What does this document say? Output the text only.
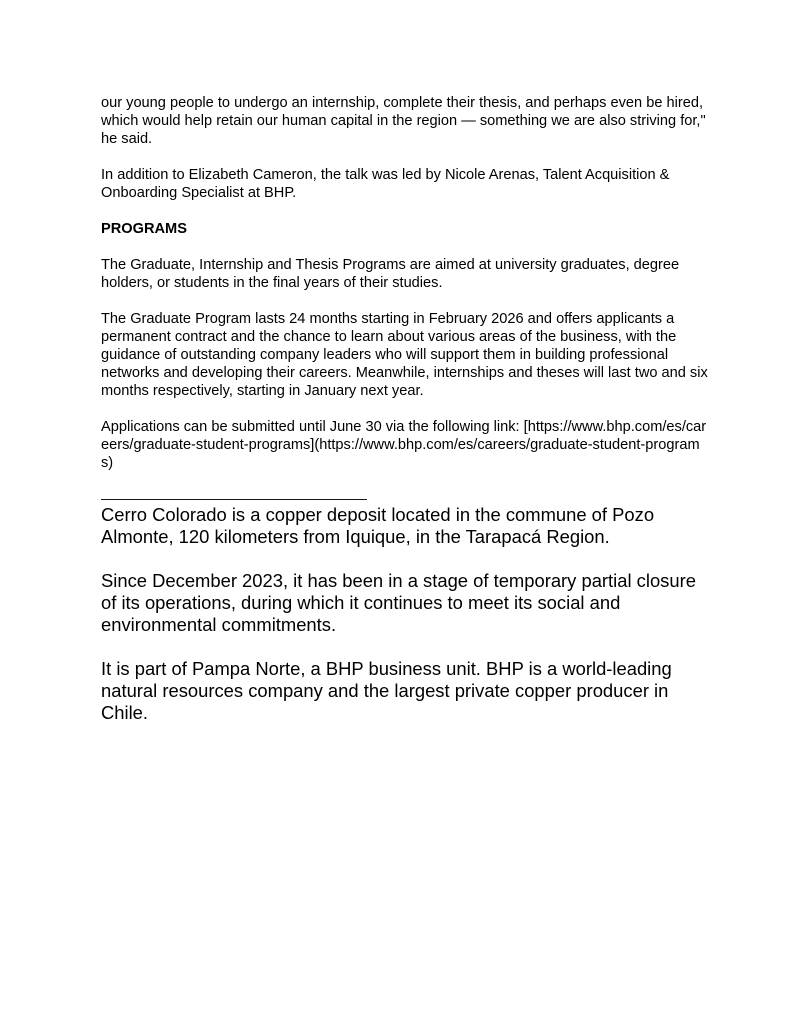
our young people to undergo an internship, complete their thesis, and perhaps even be hired, which would help retain our human capital in the region — something we are also striving for," he said.

In addition to Elizabeth Cameron, the talk was led by Nicole Arenas, Talent Acquisition & Onboarding Specialist at BHP.

PROGRAMS

The Graduate, Internship and Thesis Programs are aimed at university graduates, degree holders, or students in the final years of their studies.

The Graduate Program lasts 24 months starting in February 2026 and offers applicants a permanent contract and the chance to learn about various areas of the business, with the guidance of outstanding company leaders who will support them in building professional networks and developing their careers. Meanwhile, internships and theses will last two and six months respectively, starting in January next year.

Applications can be submitted until June 30 via the following link: [https://www.bhp.com/es/careers/graduate-student-programs](https://www.bhp.com/es/careers/graduate-student-programs)

———————————————————

Cerro Colorado is a copper deposit located in the commune of Pozo Almonte, 120 kilometers from Iquique, in the Tarapacá Region.

Since December 2023, it has been in a stage of temporary partial closure of its operations, during which it continues to meet its social and environmental commitments.

It is part of Pampa Norte, a BHP business unit. BHP is a world-leading natural resources company and the largest private copper producer in Chile.
